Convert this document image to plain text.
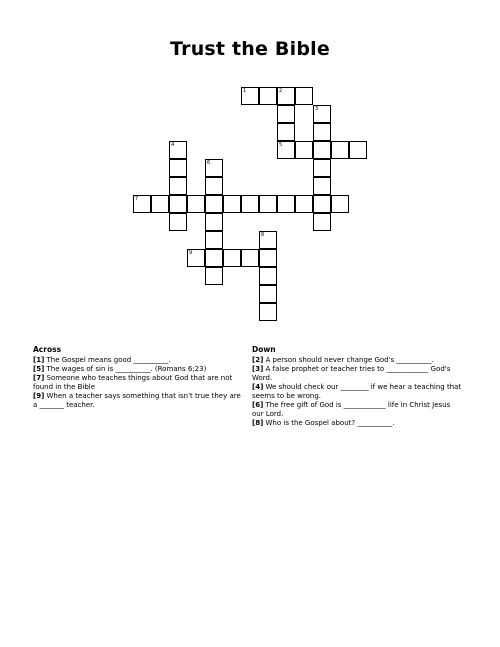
Trust the Bible
1	2
5
3
4
6
7
8
9
Across

[1] The Gospel means good __________.

[5] The wages of sin is __________. (Romans 6;23)

[7] Someone who teaches things about God that are not found in the Bible

[9] When a teacher says something that isn't true they are a _______ teacher.

Down

[2] A person should never change God's __________.

[3] A false prophet or teacher tries to ____________ God's Word.

[4] We should check our ________ if we hear a teaching that seems to be wrong.

[6] The free gift of God is ____________ life in Christ Jesus our Lord.

[8] Who is the Gospel about? __________.
